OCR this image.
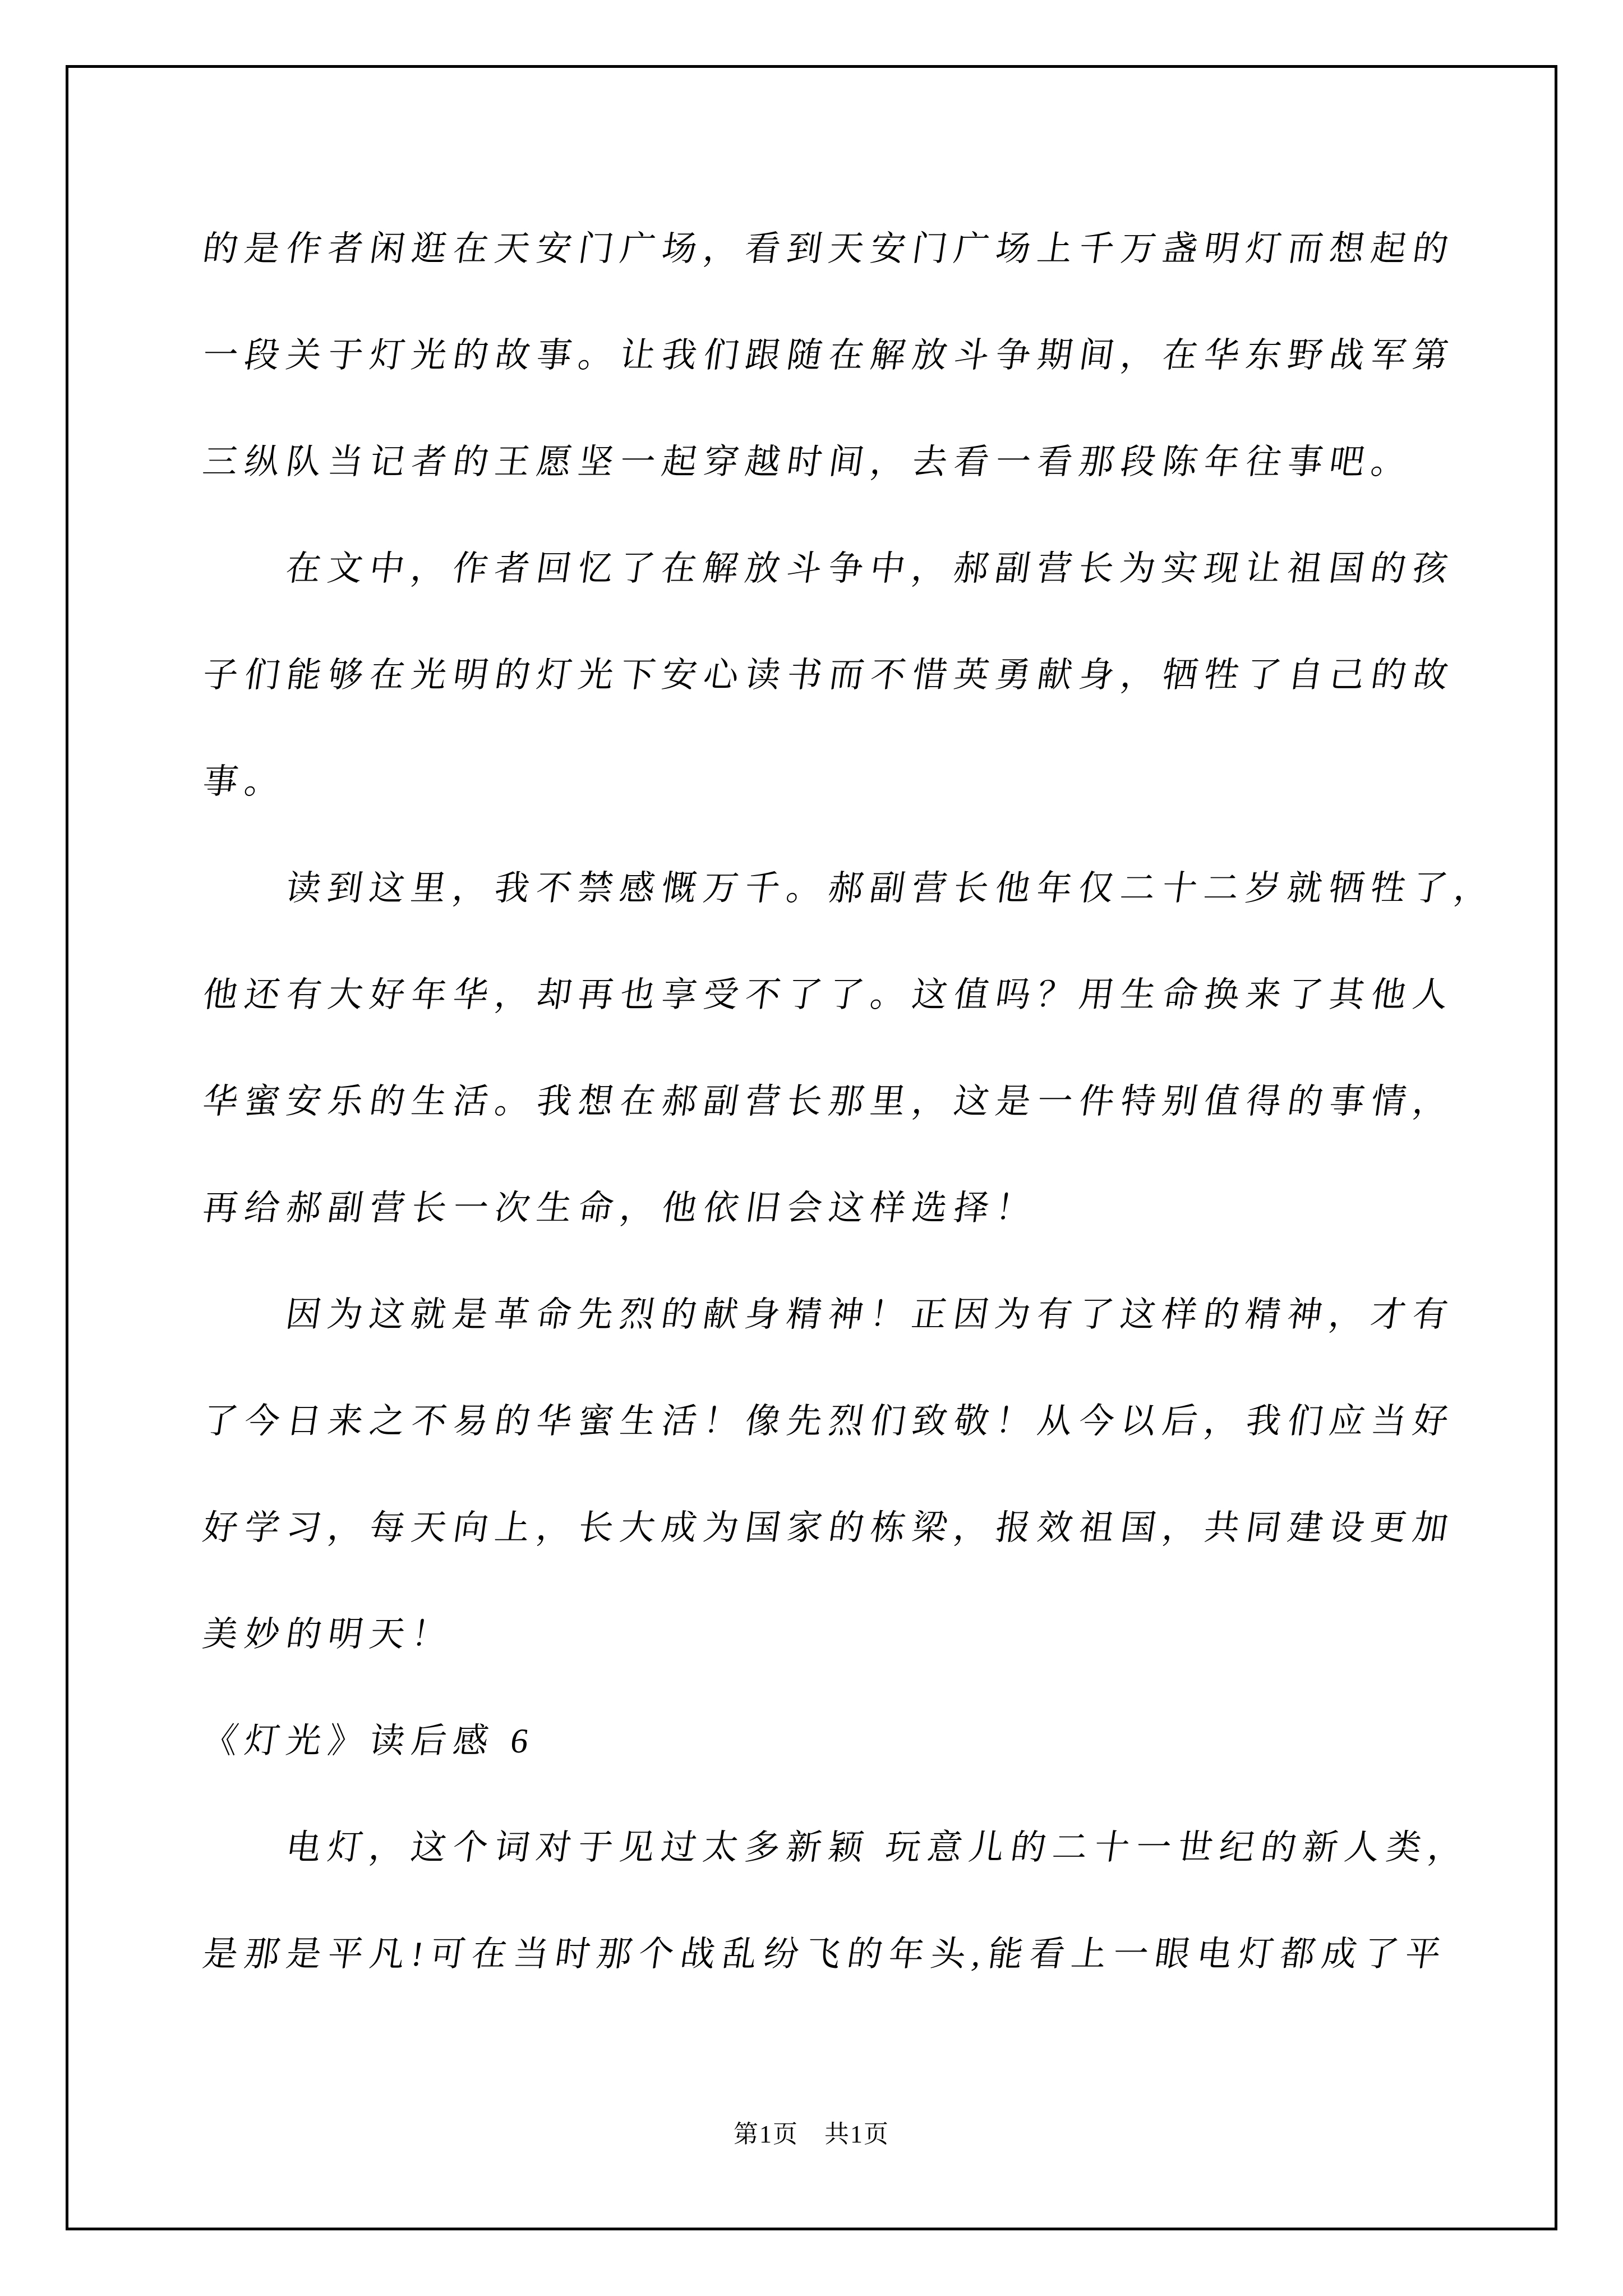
的是作者闲逛在天安门广场，看到天安门广场上千万盏明灯而想起的
一段关于灯光的故事。让我们跟随在解放斗争期间，在华东野战军第
三纵队当记者的王愿坚一起穿越时间，去看一看那段陈年往事吧。
在文中，作者回忆了在解放斗争中，郝副营长为实现让祖国的孩
子们能够在光明的灯光下安心读书而不惜英勇献身，牺牲了自己的故
事。
读到这里，我不禁感慨万千。郝副营长他年仅二十二岁就牺牲了，
他还有大好年华，却再也享受不了了。这值吗？用生命换来了其他人
华蜜安乐的生活。我想在郝副营长那里，这是一件特别值得的事情，
再给郝副营长一次生命，他依旧会这样选择！
因为这就是革命先烈的献身精神！正因为有了这样的精神，才有
了今日来之不易的华蜜生活！像先烈们致敬！从今以后，我们应当好
好学习，每天向上，长大成为国家的栋梁，报效祖国，共同建设更加
美妙的明天！
《灯光》读后感 6
电灯，这个词对于见过太多新颖 玩意儿的二十一世纪的新人类，
是那是平凡!可在当时那个战乱纷飞的年头,能看上一眼电灯都成了平
第1页　共1页
